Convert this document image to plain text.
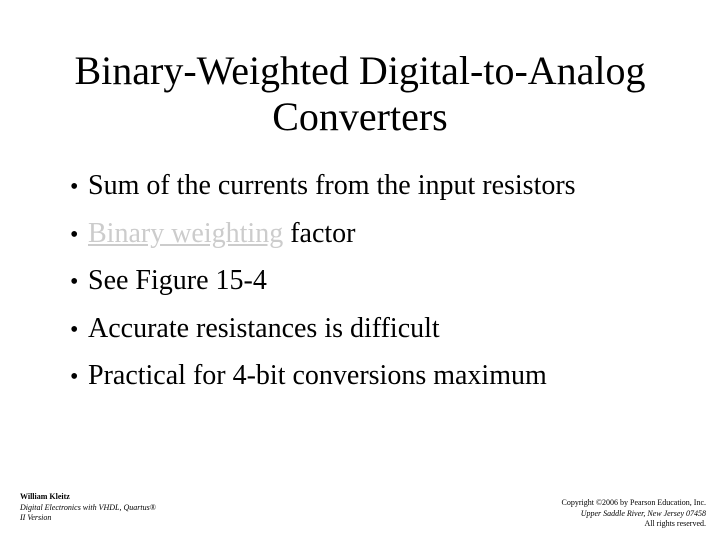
Binary-Weighted Digital-to-Analog
Converters
• Sum of the currents from the input resistors
• Binary weighting factor
• See Figure 15-4
• Accurate resistances is difficult
• Practical for 4-bit conversions maximum
William Kleitz
Digital Electronics with VHDL, Quartus®
II Version
Copyright ©2006 by Pearson Education, Inc.
Upper Saddle River, New Jersey 07458
All rights reserved.
